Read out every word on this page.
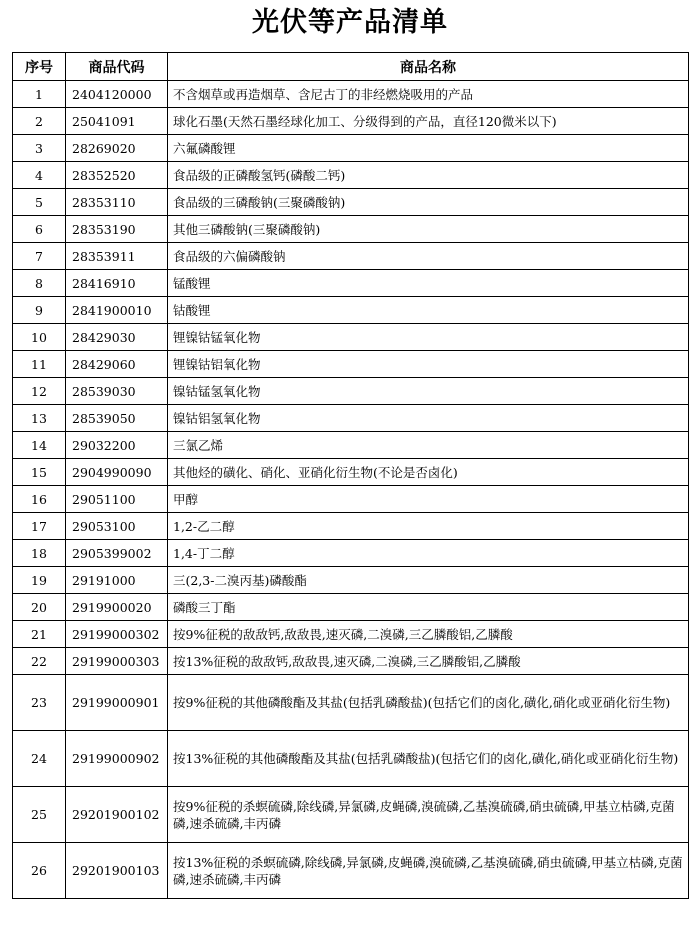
光伏等产品清单
序号	商品代码	商品名称
1	2404120000	不含烟草或再造烟草、含尼古丁的非经燃烧吸用的产品
2	25041091	球化石墨(天然石墨经球化加工、分级得到的产品，直径120微米以下)
3	28269020	六氟磷酸锂
4	28352520	食品级的正磷酸氢钙(磷酸二钙)
5	28353110	食品级的三磷酸钠(三聚磷酸钠)
6	28353190	其他三磷酸钠(三聚磷酸钠)
7	28353911	食品级的六偏磷酸钠
8	28416910	锰酸锂
9	2841900010	钴酸锂
10	28429030	锂镍钴锰氧化物
11	28429060	锂镍钴铝氧化物
12	28539030	镍钴锰氢氧化物
13	28539050	镍钴铝氢氧化物
14	29032200	三氯乙烯
15	2904990090	其他烃的磺化、硝化、亚硝化衍生物(不论是否卤化)
16	29051100	甲醇
17	29053100	1,2-乙二醇
18	2905399002	1,4-丁二醇
19	29191000	三(2,3-二溴丙基)磷酸酯
20	2919900020	磷酸三丁酯
21	29199000302	按9%征税的敌敌钙,敌敌畏,速灭磷,二溴磷,三乙膦酸铝,乙膦酸
22	29199000303	按13%征税的敌敌钙,敌敌畏,速灭磷,二溴磷,三乙膦酸铝,乙膦酸
23	29199000901	按9%征税的其他磷酸酯及其盐(包括乳磷酸盐)(包括它们的卤化,磺化,硝化或亚硝化衍生物)
24	29199000902	按13%征税的其他磷酸酯及其盐(包括乳磷酸盐)(包括它们的卤化,磺化,硝化或亚硝化衍生物)
25	29201900102	按9%征税的杀螟硫磷,除线磷,异氯磷,皮蝇磷,溴硫磷,乙基溴硫磷,硝虫硫磷,甲基立枯磷,克菌磷,速杀硫磷,丰丙磷
26	29201900103	按13%征税的杀螟硫磷,除线磷,异氯磷,皮蝇磷,溴硫磷,乙基溴硫磷,硝虫硫磷,甲基立枯磷,克菌磷,速杀硫磷,丰丙磷
